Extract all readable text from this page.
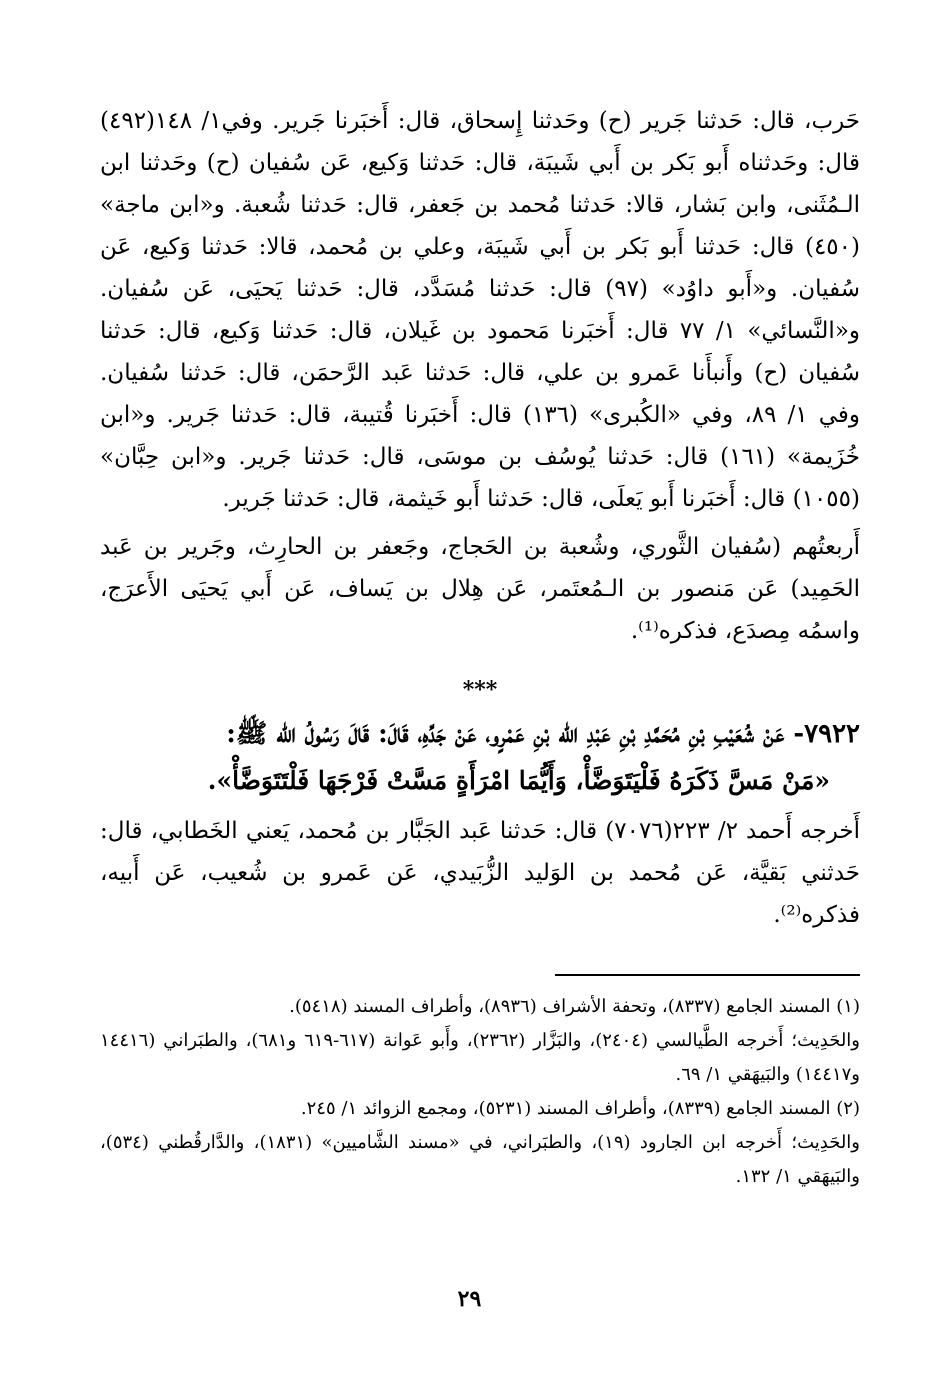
حَرب، قال: حَدثنا جَرير (ح) وحَدثنا إِسحاق، قال: أَخبَرنا جَرير. وفي١/ ١٤٨(٤٩٢) قال: وحَدثناه أَبو بَكر بن أَبي شَيبَة، قال: حَدثنا وَكيع، عَن سُفيان (ح) وحَدثنا ابن الـمُثَنى، وابن بَشار، قالا: حَدثنا مُحمد بن جَعفر، قال: حَدثنا شُعبة. و«ابن ماجة» (٤٥٠) قال: حَدثنا أَبو بَكر بن أَبي شَيبَة، وعلي بن مُحمد، قالا: حَدثنا وَكيع، عَن سُفيان. و«أَبو داوُد» (٩٧) قال: حَدثنا مُسَدَّد، قال: حَدثنا يَحيَى، عَن سُفيان. و«النَّسائي» ١/ ٧٧ قال: أَخبَرنا مَحمود بن غَيلان، قال: حَدثنا وَكيع، قال: حَدثنا سُفيان (ح) وأَنبأَنا عَمرو بن علي، قال: حَدثنا عَبد الرَّحمَن، قال: حَدثنا سُفيان. وفي ١/ ٨٩، وفي «الكُبرى» (١٣٦) قال: أَخبَرنا قُتيبة، قال: حَدثنا جَرير. و«ابن خُزَيمة» (١٦١) قال: حَدثنا يُوسُف بن موسَى، قال: حَدثنا جَرير. و«ابن حِبَّان» (١٠٥٥) قال: أَخبَرنا أَبو يَعلَى، قال: حَدثنا أَبو خَيثمة، قال: حَدثنا جَرير.

أَربعتُهم (سُفيان الثَّوري، وشُعبة بن الحَجاج، وجَعفر بن الحارِث، وجَرير بن عَبد الحَمِيد) عَن مَنصور بن الـمُعتَمر، عَن هِلال بن يَساف، عَن أَبي يَحيَى الأَعرَج، واسمُه مِصدَع، فذكره⁽¹⁾.

***

٧٩٢٢- عَنْ شُعَيْبِ بْنِ مُحَمَّدِ بْنِ عَبْدِ الله بْنِ عَمْرٍو، عَنْ جَدِّهِ، قَالَ: قَالَ رَسُولُ الله ﷺ:

«مَنْ مَسَّ ذَكَرَهُ فَلْيَتَوَضَّأْ، وَأَيُّمَا امْرَأَةٍ مَسَّتْ فَرْجَهَا فَلْتَتَوَضَّأْ».

أَخرجه أَحمد ٢/ ٢٢٣(٧٠٧٦) قال: حَدثنا عَبد الجَبَّار بن مُحمد، يَعني الخَطابي، قال: حَدثني بَقيَّة، عَن مُحمد بن الوَليد الزُّبَيدي، عَن عَمرو بن شُعيب، عَن أَبيه، فذكره⁽²⁾.

(١) المسند الجامع (٨٣٣٧)، وتحفة الأشراف (٨٩٣٦)، وأطراف المسند (٥٤١٨).

والحَدِيث؛ أَخرجه الطَّيالسي (٢٤٠٤)، والبَزَّار (٢٣٦٢)، وأَبو عَوانة (٦١٧-٦١٩ و٦٨١)، والطبَراني (١٤٤١٦ و١٤٤١٧) والبَيهَقي ١/ ٦٩.

(٢) المسند الجامع (٨٣٣٩)، وأطراف المسند (٥٢٣١)، ومجمع الزوائد ١/ ٢٤٥.

والحَدِيث؛ أَخرجه ابن الجارود (١٩)، والطبَراني، في «مسند الشَّاميين» (١٨٣١)، والدَّارقُطني (٥٣٤)، والبَيهَقي ١/ ١٣٢.

٢٩
